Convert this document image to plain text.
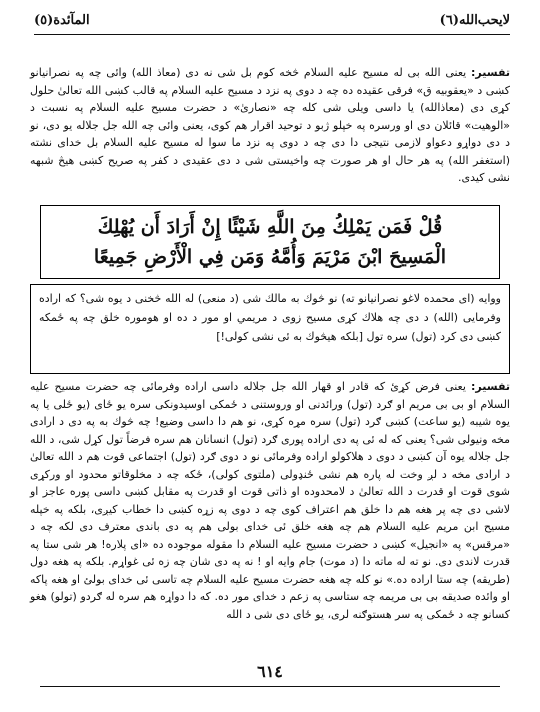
لايحب‌الله(٦)
المآئدة(٥)
تفسير: يعنى الله بى له مسيح عليه السلام څخه كوم بل شى نه دى (معاذ الله) وائى چه په نصرانيانو كښى د «يعقوبيه ق» فرقى عقيده ده چه د دوى په نزد د مسيح عليه السلام په قالب كښى الله تعالىٰ حلول كړى دى (معاذالله) يا داسى ويلى شى كله چه «نصارىٰ» د حضرت مسيح عليه السلام په نسبت د «الوهيت» قائلان دى او ورسره په خپلو ژبو د توحيد اقرار هم كوى، يعنى وائى چه الله جل جلاله يو دى، نو د دى دواړو دعواو لازمى نتيجى دا دى چه د دوى په نزد ما سوا له مسيح عليه السلام بل خداى نشته (استغفر الله) په هر حال او هر صورت چه واخيستى شى د دى عقيدى د كفر په صريح كښى هيڅ شبهه نشى كيدى.
قُلْ فَمَن يَمْلِكُ مِنَ اللَّهِ شَيْئًا إِنْ أَرَادَ أَن يُهْلِكَ
الْمَسِيحَ ابْنَ مَرْيَمَ وَأُمَّهُ وَمَن فِي الْأَرْضِ جَمِيعًا
ووايه (اى محمده لاغو نصرانيانو ته) نو څوك به مالك شى (د منعى) له الله څخنى د يوه شى؟ كه اراده وفرمايى (الله) د دى چه هلاك كړى مسيح زوى د مريمي او مور د ده او هوموره خلق چه په ځمكه كښى دى كرد (تول) سره تول [بلكه هيڅوك به ئى نشى كولى!]
تفسير: يعنى فرض كړئ كه قادر او قهار الله جل جلاله داسى اراده وفرمائى چه حضرت مسيح عليه السلام او بى بى مريم او ګرد (تول) ورائدنى او وروستنى د ځمكى اوسيدونكى سره يو ځاى (يو ځلى يا په يوه شيبه (يو ساعت) كښى ګرد (تول) سره مړه كړى، نو هم دا داسى وضيع! چه څوك به په دى د ارادى مخه ونيولى شى؟ يعنى كه له ئى په دى اراده پورى ګرد (تول) انسانان هم سره فرضاً تول كړل شى، د الله جل جلاله يوه آن كښى د دوى د هلاكولو اراده وفرمائى نو د دوى ګرد (تول) اجتماعى قوت هم د الله تعالىٰ د ارادى مخه د لږ وخت له پاره هم نشى ځنډولى (ملتوى كولى)، ځكه چه د مخلوقاتو محدود او وركړى شوى قوت او قدرت د الله تعالىٰ د لامحدوده او ذاتى قوت او قدرت په مقابل كښى داسى پوره عاجز او لاشى دى چه پر هغه هم دا خلق هم اعتراف كوى چه د دوى په زړه كښى دا خطاب كيږى، بلكه په خپله مسيح ابن مريم عليه السلام هم چه هغه خلق ئى خداى بولى هم په دى باندى معترف دى لكه چه د «مرقس» په «انجيل» كښى د حضرت مسيح عليه السلام دا مقوله موجوده ده «اى پلاره! هر شى ستا په قدرت لاندى دى. نو ته له ماته دا (د موت) جام وايه او ! نه په دى شان چه زه ئى غواړم. بلكه په هغه دول (طريقه) چه ستا اراده ده.» نو كله چه هغه حضرت مسيح عليه السلام چه تاسى ئى خداى بولئ او هغه پاكه او وائده صديقه بى بى مريمه چه ستاسى په زعم د خداى مور ده. كه دا دواړه هم سره له ګردو (تولو) هغو كسانو چه د ځمكى په سر هستوګنه لرى، يو ځاى دى شى د الله
٦١٤
